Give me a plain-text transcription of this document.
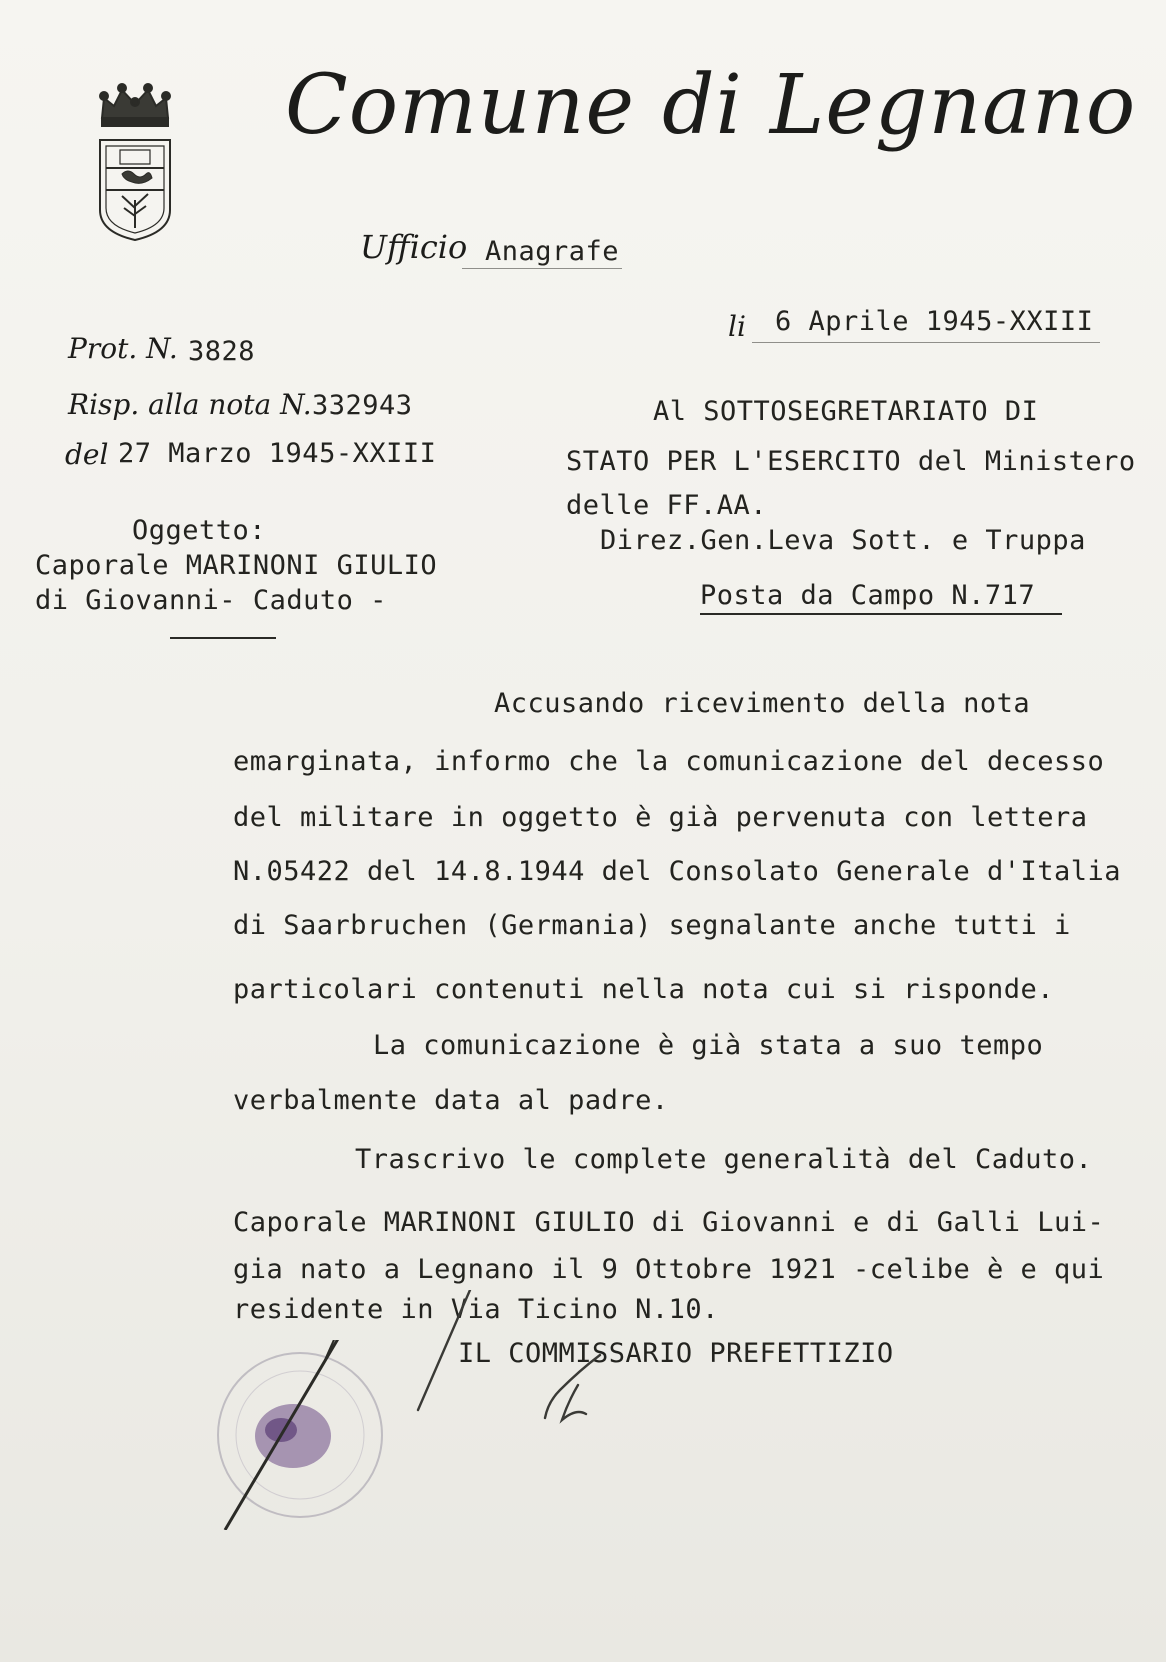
Comune di Legnano
Ufficio Anagrafe
li 6 Aprile 1945-XXIII
Prot. N. 3828
Risp. alla nota N. 332943
del 27 Marzo 1945-XXIII
Oggetto:
Caporale MARINONI GIULIO
di Giovanni- Caduto -
Al SOTTOSEGRETARIATO DI
STATO PER L'ESERCITO del Ministero
delle FF.AA.
Direz.Gen.Leva Sott. e Truppa
Posta da Campo N.717
Accusando ricevimento della nota
emarginata, informo che la comunicazione del decesso
del militare in oggetto è già pervenuta con lettera
N.05422 del 14.8.1944 del Consolato Generale d'Italia
di Saarbruchen (Germania) segnalante anche tutti i
particolari contenuti nella nota cui si risponde.
La comunicazione è già stata a suo tempo
verbalmente data al padre.
Trascrivo le complete generalità del Caduto.
Caporale MARINONI GIULIO di Giovanni e di Galli Lui-
gia nato a Legnano il 9 Ottobre 1921 -celibe è e qui
residente in Via Ticino N.10.
IL COMMISSARIO PREFETTIZIO
